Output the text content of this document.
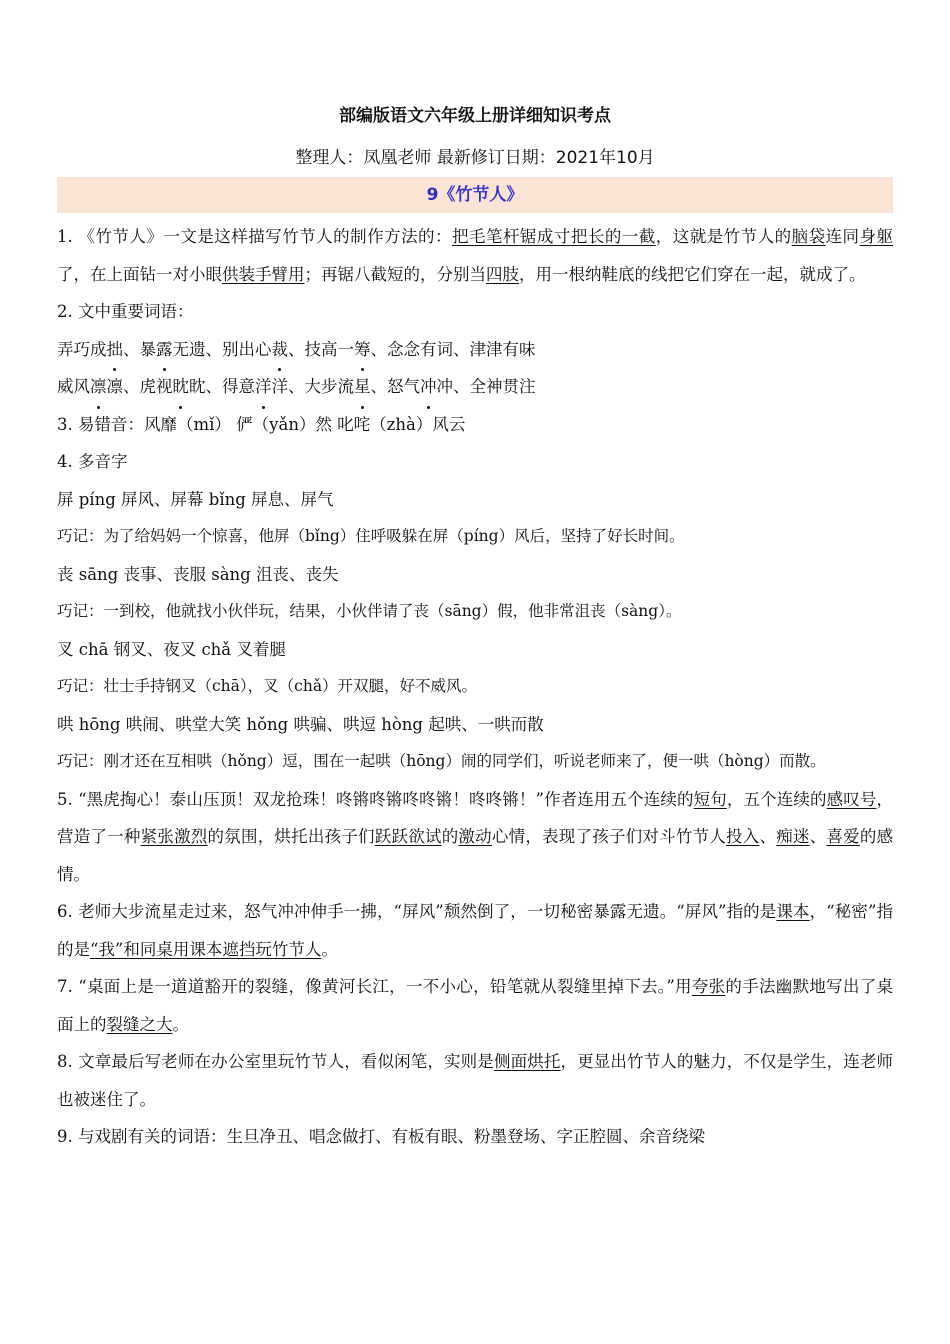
部编版语文六年级上册详细知识考点
整理人：凤凰老师 最新修订日期：2021年10月
9《竹节人》

1. 《竹节人》一文是这样描写竹节人的制作方法的：把毛笔杆锯成寸把长的一截，这就是竹节人的脑袋连同身躯了，在上面钻一对小眼供装手臂用；再锯八截短的，分别当四肢，用一根纳鞋底的线把它们穿在一起，就成了。

2. 文中重要词语：

弄巧成拙、暴露无遗、别出心裁、技高一筹、念念有词、津津有味

威风凛凛、虎视眈眈、得意洋洋、大步流星、怒气冲冲、全神贯注

3. 易错音：风靡（mǐ） 俨（yǎn）然 叱咤（zhà）风云

4. 多音字

屏 píng 屏风、屏幕 bǐng 屏息、屏气

巧记：为了给妈妈一个惊喜，他屏（bǐng）住呼吸躲在屏（píng）风后，坚持了好长时间。

丧 sāng 丧事、丧服 sàng 沮丧、丧失

巧记：一到校，他就找小伙伴玩，结果，小伙伴请了丧（sāng）假，他非常沮丧（sàng）。

叉 chā 钢叉、夜叉 chǎ 叉着腿

巧记：壮士手持钢叉（chā），叉（chǎ）开双腿，好不威风。

哄 hōng 哄闹、哄堂大笑 hǒng 哄骗、哄逗 hòng 起哄、一哄而散

巧记：刚才还在互相哄（hǒng）逗，围在一起哄（hōng）闹的同学们，听说老师来了，便一哄（hòng）而散。

5. “黑虎掏心！泰山压顶！双龙抢珠！咚锵咚锵咚咚锵！咚咚锵！”作者连用五个连续的短句，五个连续的感叹号，营造了一种紧张激烈的氛围，烘托出孩子们跃跃欲试的激动心情，表现了孩子们对斗竹节人投入、痴迷、喜爱的感情。

6. 老师大步流星走过来，怒气冲冲伸手一拂，“屏风”颓然倒了，一切秘密暴露无遗。“屏风”指的是课本，“秘密”指的是“我”和同桌用课本遮挡玩竹节人。

7. “桌面上是一道道豁开的裂缝，像黄河长江，一不小心，铅笔就从裂缝里掉下去。”用夸张的手法幽默地写出了桌面上的裂缝之大。

8. 文章最后写老师在办公室里玩竹节人，看似闲笔，实则是侧面烘托，更显出竹节人的魅力，不仅是学生，连老师也被迷住了。

9. 与戏剧有关的词语：生旦净丑、唱念做打、有板有眼、粉墨登场、字正腔圆、余音绕梁
